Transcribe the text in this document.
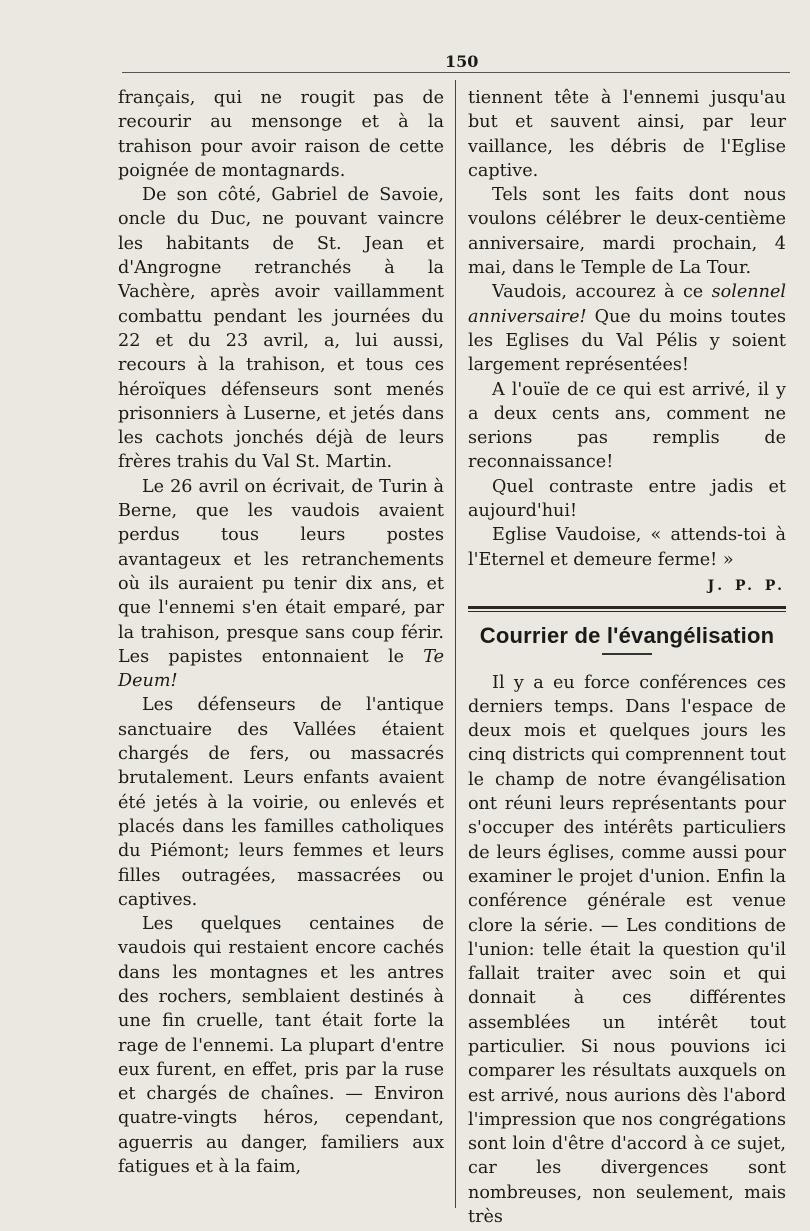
150

français, qui ne rougit pas de recourir au mensonge et à la trahison pour avoir raison de cette poignée de montagnards.

De son côté, Gabriel de Savoie, oncle du Duc, ne pouvant vaincre les habitants de St. Jean et d'Angrogne retranchés à la Vachère, après avoir vaillamment combattu pendant les journées du 22 et du 23 avril, a, lui aussi, recours à la trahison, et tous ces héroïques défenseurs sont menés prisonniers à Luserne, et jetés dans les cachots jonchés déjà de leurs frères trahis du Val St. Martin.

Le 26 avril on écrivait, de Turin à Berne, que les vaudois avaient perdus tous leurs postes avantageux et les retranchements où ils auraient pu tenir dix ans, et que l'ennemi s'en était emparé, par la trahison, presque sans coup férir. Les papistes entonnaient le Te Deum!

Les défenseurs de l'antique sanctuaire des Vallées étaient chargés de fers, ou massacrés brutalement. Leurs enfants avaient été jetés à la voirie, ou enlevés et placés dans les familles catholiques du Piémont; leurs femmes et leurs filles outragées, massacrées ou captives.

Les quelques centaines de vaudois qui restaient encore cachés dans les montagnes et les antres des rochers, semblaient destinés à une fin cruelle, tant était forte la rage de l'ennemi. La plupart d'entre eux furent, en effet, pris par la ruse et chargés de chaînes. — Environ quatre-vingts héros, cependant, aguerris au danger, familiers aux fatigues et à la faim,

tiennent tête à l'ennemi jusqu'au but et sauvent ainsi, par leur vaillance, les débris de l'Eglise captive.

Tels sont les faits dont nous voulons célébrer le deux-centième anniversaire, mardi prochain, 4 mai, dans le Temple de La Tour.

Vaudois, accourez à ce solennel anniversaire! Que du moins toutes les Eglises du Val Pélis y soient largement représentées!

A l'ouïe de ce qui est arrivé, il y a deux cents ans, comment ne serions pas remplis de reconnaissance!

Quel contraste entre jadis et aujourd'hui!

Eglise Vaudoise, « attends-toi à l'Eternel et demeure ferme! »

J. P. P.

Courrier de l'évangélisation

Il y a eu force conférences ces derniers temps. Dans l'espace de deux mois et quelques jours les cinq districts qui comprennent tout le champ de notre évangélisation ont réuni leurs représentants pour s'occuper des intérêts particuliers de leurs églises, comme aussi pour examiner le projet d'union. Enfin la conférence générale est venue clore la série. — Les conditions de l'union: telle était la question qu'il fallait traiter avec soin et qui donnait à ces différentes assemblées un intérêt tout particulier. Si nous pouvions ici comparer les résultats auxquels on est arrivé, nous aurions dès l'abord l'impression que nos congrégations sont loin d'être d'accord à ce sujet, car les divergences sont nombreuses, non seulement, mais très
